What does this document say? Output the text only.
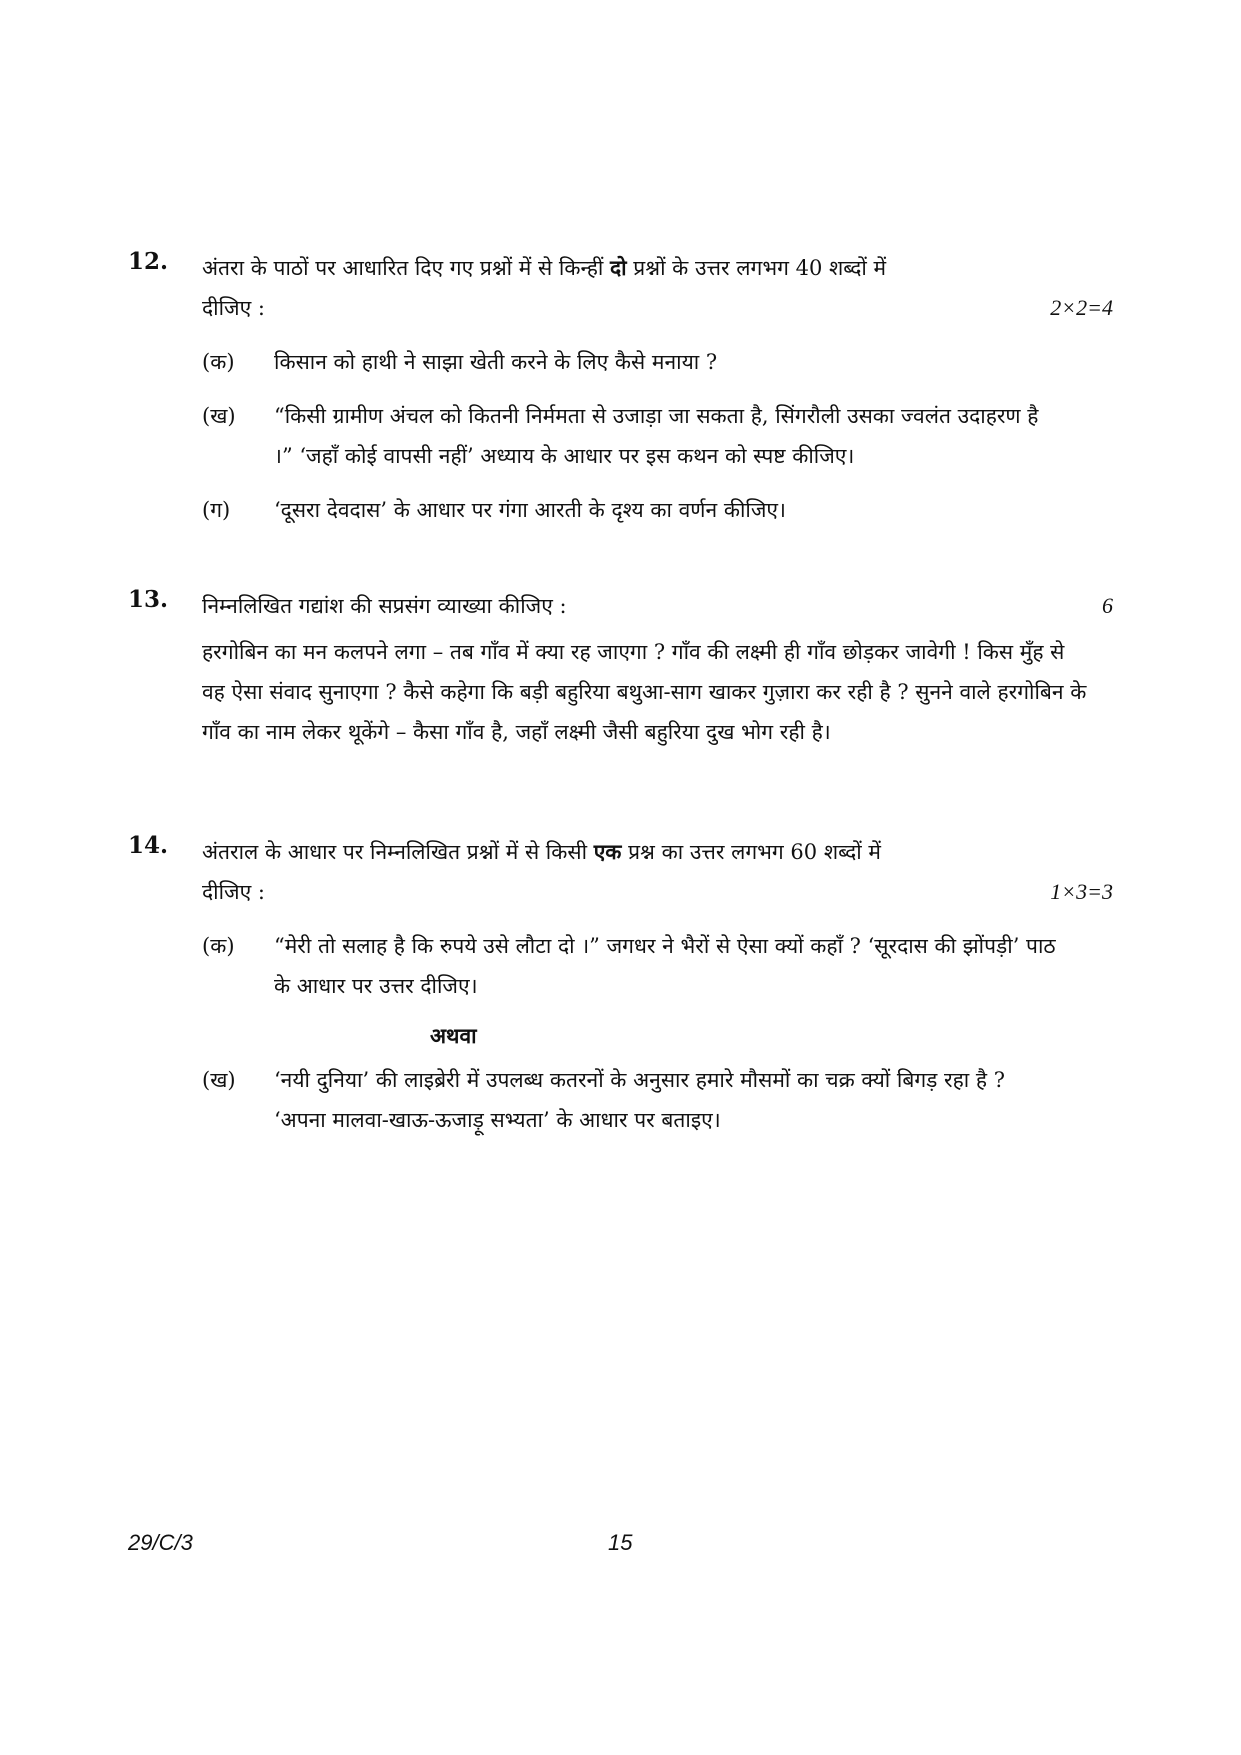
12. अंतरा के पाठों पर आधारित दिए गए प्रश्नों में से किन्हीं दो प्रश्नों के उत्तर लगभग 40 शब्दों में
दीजिए :	2×2=4
(क)	किसान को हाथी ने साझा खेती करने के लिए कैसे मनाया ?
(ख)	“किसी ग्रामीण अंचल को कितनी निर्ममता से उजाड़ा जा सकता है, सिंगरौली उसका ज्वलंत उदाहरण है ।” ‘जहाँ कोई वापसी नहीं’ अध्याय के आधार पर इस कथन को स्पष्ट कीजिए।
(ग)	‘दूसरा देवदास’ के आधार पर गंगा आरती के दृश्य का वर्णन कीजिए।
13. निम्नलिखित गद्यांश की सप्रसंग व्याख्या कीजिए :	6
हरगोबिन का मन कलपने लगा – तब गाँव में क्या रह जाएगा ? गाँव की लक्ष्मी ही गाँव छोड़कर जावेगी ! किस मुँह से वह ऐसा संवाद सुनाएगा ? कैसे कहेगा कि बड़ी बहुरिया बथुआ-साग खाकर गुज़ारा कर रही है ? सुनने वाले हरगोबिन के गाँव का नाम लेकर थूकेंगे – कैसा गाँव है, जहाँ लक्ष्मी जैसी बहुरिया दुख भोग रही है।
14. अंतराल के आधार पर निम्नलिखित प्रश्नों में से किसी एक प्रश्न का उत्तर लगभग 60 शब्दों में
दीजिए :	1×3=3
(क)	“मेरी तो सलाह है कि रुपये उसे लौटा दो ।” जगधर ने भैरों से ऐसा क्यों कहाँ ? ‘सूरदास की झोंपड़ी’ पाठ के आधार पर उत्तर दीजिए।
अथवा
(ख)	‘नयी दुनिया’ की लाइब्रेरी में उपलब्ध कतरनों के अनुसार हमारे मौसमों का चक्र क्यों बिगड़ रहा है ? ‘अपना मालवा-खाऊ-ऊजाड़ू सभ्यता’ के आधार पर बताइए।
29/C/3	15
